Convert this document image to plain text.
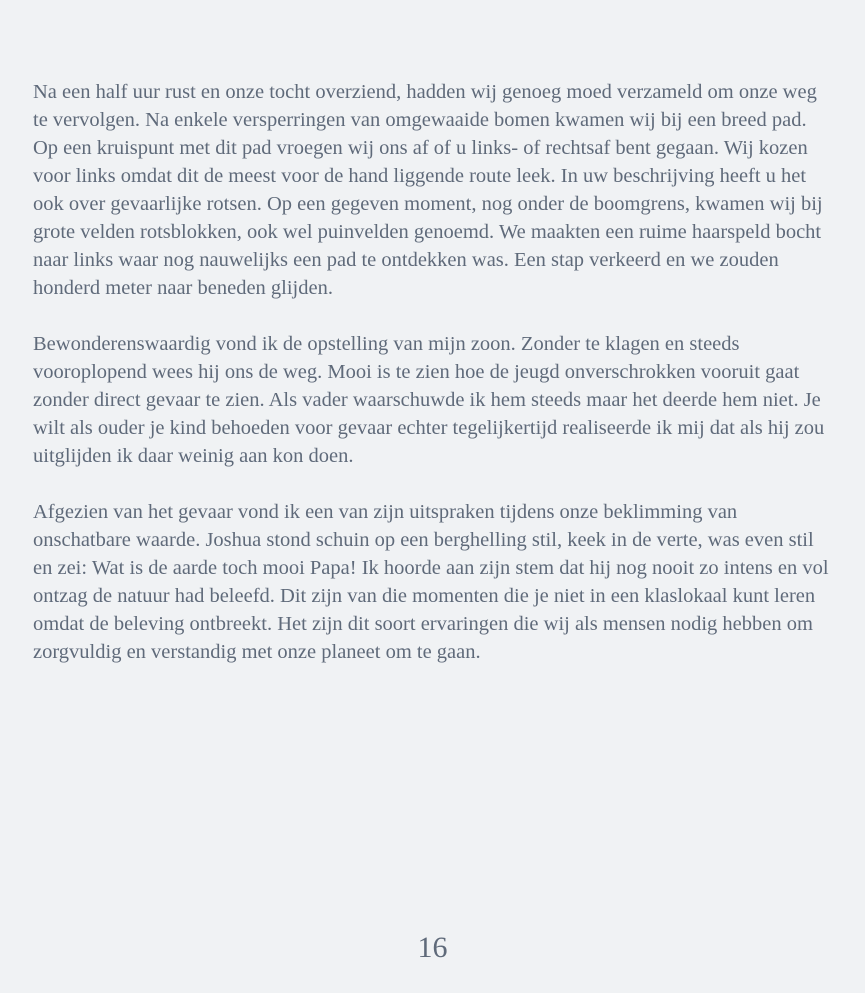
Na een half uur rust en onze tocht overziend, hadden wij genoeg moed verzameld om onze weg te vervolgen. Na enkele versperringen van omgewaaide bomen kwamen wij bij een breed pad. Op een kruispunt met dit pad vroegen wij ons af of u links- of rechtsaf bent gegaan. Wij kozen voor links omdat dit de meest voor de hand liggende route leek. In uw beschrijving heeft u het ook over gevaarlijke rotsen. Op een gegeven moment, nog onder de boomgrens, kwamen wij bij grote velden rotsblokken, ook wel puinvelden genoemd. We maakten een ruime haarspeld bocht naar links waar nog nauwelijks een pad te ontdekken was. Een stap verkeerd en we zouden honderd meter naar beneden glijden.

Bewonderenswaardig vond ik de opstelling van mijn zoon. Zonder te klagen en steeds vooroplopend wees hij ons de weg. Mooi is te zien hoe de jeugd onverschrokken vooruit gaat zonder direct gevaar te zien. Als vader waarschuwde ik hem steeds maar het deerde hem niet. Je wilt als ouder je kind behoeden voor gevaar echter tegelijkertijd realiseerde ik mij dat als hij zou uitglijden ik daar weinig aan kon doen.

Afgezien van het gevaar vond ik een van zijn uitspraken tijdens onze beklimming van onschatbare waarde. Joshua stond schuin op een berghelling stil, keek in de verte, was even stil en zei: Wat is de aarde toch mooi Papa! Ik hoorde aan zijn stem dat hij nog nooit zo intens en vol ontzag de natuur had beleefd. Dit zijn van die momenten die je niet in een klaslokaal kunt leren omdat de beleving ontbreekt. Het zijn dit soort ervaringen die wij als mensen nodig hebben om zorgvuldig en verstandig met onze planeet om te gaan.

16
